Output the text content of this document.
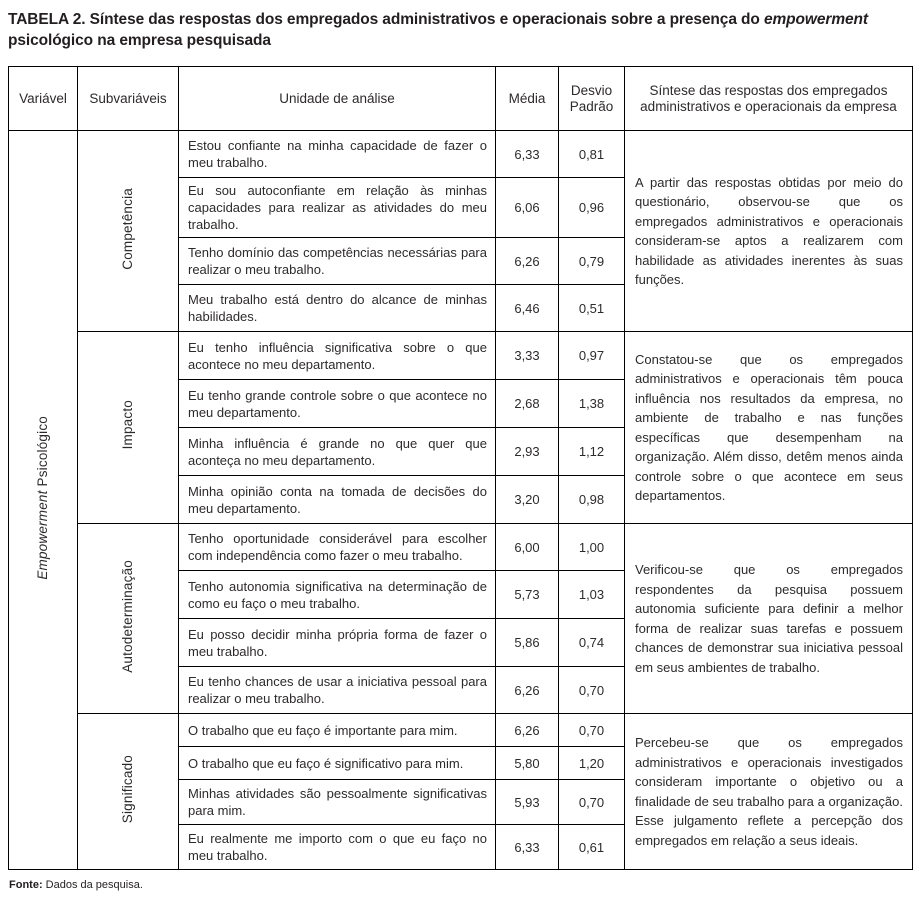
TABELA 2. Síntese das respostas dos empregados administrativos e operacionais sobre a presença do empowerment psicológico na empresa pesquisada
Variável	Subvariáveis	Unidade de análise	Média	Desvio Padrão	Síntese das respostas dos empregados administrativos e operacionais da empresa
Empowerment Psicológico	Competência	Estou confiante na minha capacidade de fazer o meu trabalho.	6,33	0,81	A partir das respostas obtidas por meio do questionário, observou-se que os empregados administrativos e operacionais consideram-se aptos a realizarem com habilidade as atividades inerentes às suas funções.
		Eu sou autoconfiante em relação às minhas capacidades para realizar as atividades do meu trabalho.	6,06	0,96	
		Tenho domínio das competências necessárias para realizar o meu trabalho.	6,26	0,79	
		Meu trabalho está dentro do alcance de minhas habilidades.	6,46	0,51	
	Impacto	Eu tenho influência significativa sobre o que acontece no meu departamento.	3,33	0,97	Constatou-se que os empregados administrativos e operacionais têm pouca influência nos resultados da empresa, no ambiente de trabalho e nas funções específicas que desempenham na organização. Além disso, detêm menos ainda controle sobre o que acontece em seus departamentos.
		Eu tenho grande controle sobre o que acontece no meu departamento.	2,68	1,38	
		Minha influência é grande no que quer que aconteça no meu departamento.	2,93	1,12	
		Minha opinião conta na tomada de decisões do meu departamento.	3,20	0,98	
	Autodeterminação	Tenho oportunidade considerável para escolher com independência como fazer o meu trabalho.	6,00	1,00	Verificou-se que os empregados respondentes da pesquisa possuem autonomia suficiente para definir a melhor forma de realizar suas tarefas e possuem chances de demonstrar sua iniciativa pessoal em seus ambientes de trabalho.
		Tenho autonomia significativa na determinação de como eu faço o meu trabalho.	5,73	1,03	
		Eu posso decidir minha própria forma de fazer o meu trabalho.	5,86	0,74	
		Eu tenho chances de usar a iniciativa pessoal para realizar o meu trabalho.	6,26	0,70	
	Significado	O trabalho que eu faço é importante para mim.	6,26	0,70	Percebeu-se que os empregados administrativos e operacionais investigados consideram importante o objetivo ou a finalidade de seu trabalho para a organização. Esse julgamento reflete a percepção dos empregados em relação a seus ideais.
		O trabalho que eu faço é significativo para mim.	5,80	1,20	
		Minhas atividades são pessoalmente significativas para mim.	5,93	0,70	
		Eu realmente me importo com o que eu faço no meu trabalho.	6,33	0,61	
Fonte: Dados da pesquisa.
